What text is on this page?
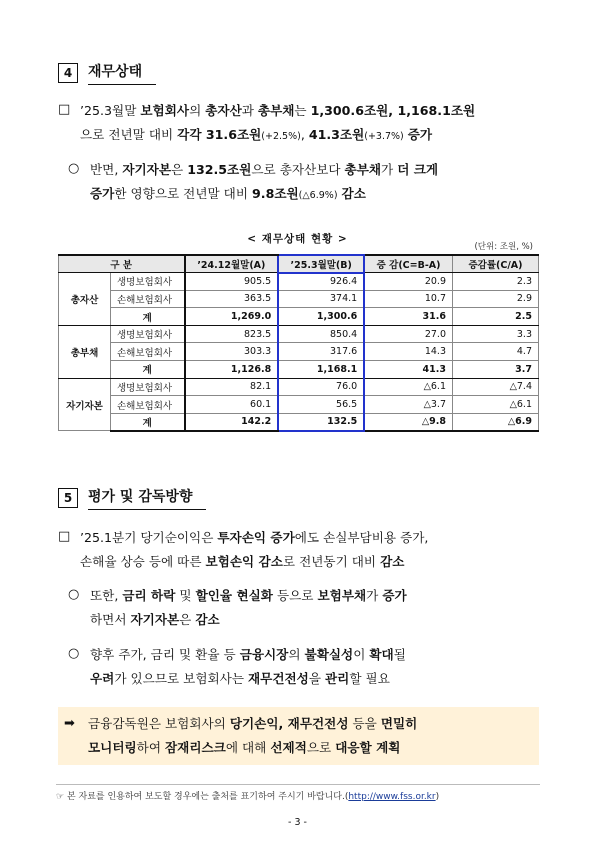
4	재무상태
□ ’25.3월말 보험회사의 총자산과 총부채는 1,300.6조원, 1,168.1조원
으로 전년말 대비 각각 31.6조원(+2.5%), 41.3조원(+3.7%) 증가
○ 반면, 자기자본은 132.5조원으로 총자산보다 총부채가 더 크게
증가한 영향으로 전년말 대비 9.8조원(△6.9%) 감소
< 재무상태 현황 >
(단위: 조원, %)
구 분		’24.12월말(A)	’25.3월말(B)	증 감(C=B-A)	증감률(C/A)
총자산	생명보험회사	905.5	926.4	20.9	2.3
	손해보험회사	363.5	374.1	10.7	2.9
	계	1,269.0	1,300.6	31.6	2.5
총부채	생명보험회사	823.5	850.4	27.0	3.3
	손해보험회사	303.3	317.6	14.3	4.7
	계	1,126.8	1,168.1	41.3	3.7
자기자본	생명보험회사	82.1	76.0	△6.1	△7.4
	손해보험회사	60.1	56.5	△3.7	△6.1
	계	142.2	132.5	△9.8	△6.9
5	평가 및 감독방향
□ ’25.1분기 당기순이익은 투자손익 증가에도 손실부담비용 증가,
손해율 상승 등에 따른 보험손익 감소로 전년동기 대비 감소
○ 또한, 금리 하락 및 할인율 현실화 등으로 보험부채가 증가
하면서 자기자본은 감소
○ 향후 주가, 금리 및 환율 등 금융시장의 불확실성이 확대될
우려가 있으므로 보험회사는 재무건전성을 관리할 필요
➡ 금융감독원은 보험회사의 당기손익, 재무건전성 등을 면밀히
모니터링하여 잠재리스크에 대해 선제적으로 대응할 계획
☞ 본 자료를 인용하여 보도할 경우에는 출처를 표기하여 주시기 바랍니다.(http://www.fss.or.kr)
- 3 -
